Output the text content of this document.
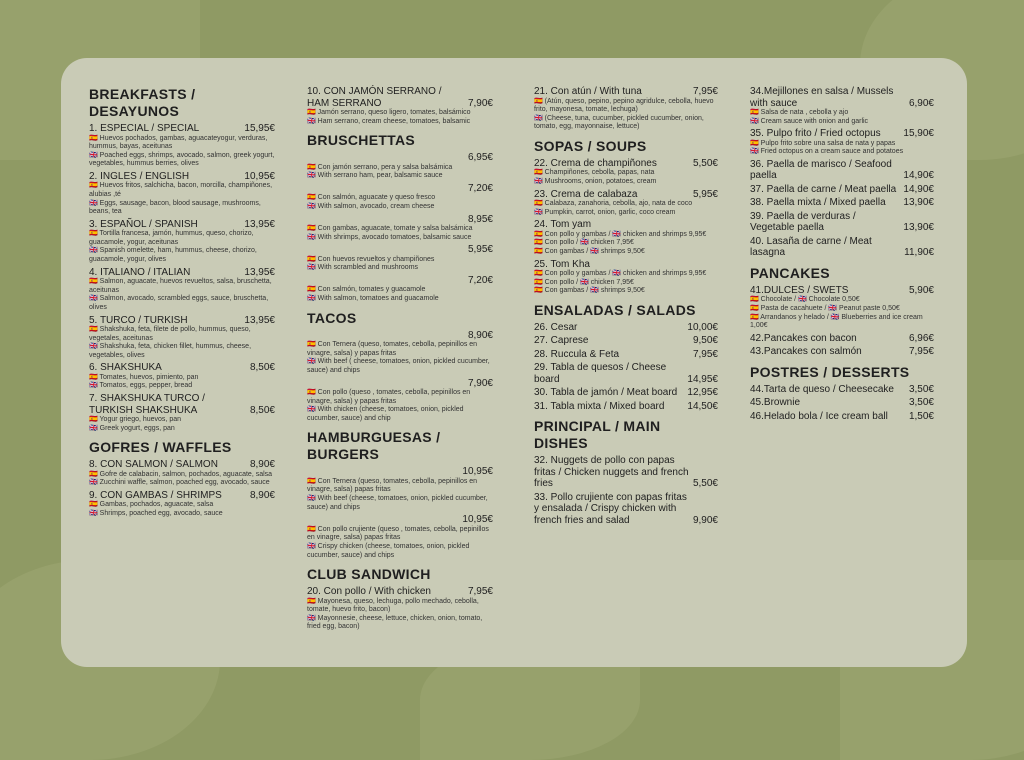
BREAKFASTS / DESAYUNOS
1. ESPECIAL / SPECIAL	15,95€
🇪🇸 Huevos pochados, gambas, aguacateyogur, verduras, hummus, bayas, aceitunas
🇬🇧 Poached eggs, shrimps, avocado, salmon, greek yogurt, vegetables, hummus berries, olives
2. INGLES / ENGLISH	10,95€
🇪🇸 Huevos fritos, salchicha, bacon, morcilla, champiñones, alubias ,té
🇬🇧 Eggs, sausage, bacon, blood sausage, mushrooms, beans, tea
3. ESPAÑOL / SPANISH	13,95€
🇪🇸 Tortilla francesa, jamón, hummus, queso, chorizo, guacamole, yogur, aceitunas
🇬🇧 Spanish omelette, ham, hummus, cheese, chorizo, guacamole, yogur, olives
4. ITALIANO / ITALIAN	13,95€
🇪🇸 Salmon, aguacate, huevos revueltos, salsa, bruschetta, aceitunas
🇬🇧 Salmon, avocado, scrambled eggs, sauce, bruschetta, olives
5. TURCO / TURKISH	13,95€
🇪🇸 Shakshuka, feta, filete de pollo, hummus, queso, vegetales, aceitunas
🇬🇧 Shakshuka, feta, chicken fillet, hummus, cheese, vegetables, olives
6. SHAKSHUKA	8,50€
🇪🇸 Tomates, huevos, pimiento, pan
🇬🇧 Tomatos, eggs, pepper, bread
7. SHAKSHUKA TURCO / TURKISH SHAKSHUKA	8,50€
🇪🇸 Yogur griego, huevos, pan
🇬🇧 Greek yogurt, eggs, pan
GOFRES / WAFFLES
8. CON SALMON / SALMON	8,90€
🇪🇸 Gofre de calabacin, salmon, pochados, aguacate, salsa
🇬🇧 Zucchini waffle, salmon, poached egg, avocado, sauce
9. CON GAMBAS / SHRIMPS	8,90€
🇪🇸 Gambas, pochados, aguacate, salsa
🇬🇧 Shrimps, poached egg, avocado, sauce
10. CON JAMÓN SERRANO / HAM SERRANO	7,90€
🇪🇸 Jamón serrano, queso ligero, tomates, balsámico
🇬🇧 Ham serrano, cream cheese, tomatoes, balsamic
BRUSCHETTAS
6,95€
🇪🇸 Con jamón serrano, pera y salsa balsámica
🇬🇧 With serrano ham, pear, balsamic sauce
7,20€
🇪🇸 Con salmón, aguacate y queso fresco
🇬🇧 With salmon, avocado, cream cheese
8,95€
🇪🇸 Con gambas, aguacate, tomate y salsa balsámica
🇬🇧 With shrimps, avocado tomatoes, balsamic sauce
5,95€
🇪🇸 Con huevos revueltos y champiñones
🇬🇧 With scrambled and mushrooms
7,20€
🇪🇸 Con salmón, tomates y guacamole
🇬🇧 With salmon, tomatoes and guacamole
TACOS
8,90€
🇪🇸 Con Ternera (queso, tomates, cebolla, pepinillos en vinagre, salsa) y papas fritas
🇬🇧 With beef ( cheese, tomatoes, onion, pickled cucumber, sauce) and chips
7,90€
🇪🇸 Con pollo (queso , tomates, cebolla, pepinillos en vinagre, salsa) y papas fritas
🇬🇧 With chicken (cheese, tomatoes, onion, pickled cucumber, sauce) and chip
HAMBURGUESAS / BURGERS
10,95€
🇪🇸 Con Ternera (queso, tomates, cebolla, pepinillos en vinagre, salsa) papas fritas
🇬🇧 With beef (cheese, tomatoes, onion, pickled cucumber, sauce) and chips
10,95€
🇪🇸 Con pollo crujiente (queso , tomates, cebolla, pepinillos en vinagre, salsa) papas fritas
🇬🇧 Crispy chicken (cheese, tomatoes, onion, pickled cucumber, sauce) and chips
CLUB SANDWICH
20. Con pollo / With chicken	7,95€
🇪🇸 Mayonesa, queso, lechuga, pollo mechado, cebolla, tomate, huevo frito, bacon)
🇬🇧 Mayonnesie, cheese, lettuce, chicken, onion, tomato, fried egg, bacon)
21. Con atún / With tuna	7,95€
🇪🇸 (Atún, queso, pepino, pepino agridulce, cebolla, huevo frito, mayonesa, tomate, lechuga)
🇬🇧 (Cheese, tuna, cucumber, pickled cucumber, onion, tomato, egg, mayonnaise, lettuce)
SOPAS / SOUPS
22. Crema de champiñones	5,50€
🇪🇸 Champiñones, cebolla, papas, nata
🇬🇧 Mushrooms, onion, potatoes, cream
23. Crema de calabaza	5,95€
🇪🇸 Calabaza, zanahoria, cebolla, ajo, nata de coco
🇬🇧 Pumpkin, carrot, onion, garlic, coco cream
24. Tom yam
🇪🇸 Con pollo y gambas / 🇬🇧 chicken and shrimps 9,95€
🇪🇸 Con pollo / 🇬🇧 chicken 7,95€
🇪🇸 Con gambas / 🇬🇧 shrimps 9,50€
25. Tom Kha
🇪🇸 Con pollo y gambas / 🇬🇧 chicken and shrimps 9,95€
🇪🇸 Con pollo / 🇬🇧 chicken 7,95€
🇪🇸 Con gambas / 🇬🇧 shrimps 9,50€
ENSALADAS / SALADS
26. Cesar	10,00€
27. Caprese	9,50€
28. Ruccula & Feta	7,95€
29. Tabla de quesos / Cheese board	14,95€
30. Tabla de jamón / Meat board	12,95€
31. Tabla mixta / Mixed board	14,50€
PRINCIPAL / MAIN DISHES
32. Nuggets de pollo con papas fritas / Chicken nuggets and french fries	5,50€
33. Pollo crujiente con papas fritas y ensalada / Crispy chicken with french fries and salad	9,90€
34.Mejillones en salsa / Mussels with sauce	6,90€
🇪🇸 Salsa de nata , cebolla y ajo
🇬🇧 Cream sauce with onion and garlic
35. Pulpo frito / Fried octopus	15,90€
🇪🇸 Pulpo frito sobre una salsa de nata y papas
🇬🇧 Fried octopus on a cream sauce and potatoes
36. Paella de marisco / Seafood paella	14,90€
37. Paella de carne / Meat paella 14,90€
38. Paella mixta / Mixed paella	13,90€
39. Paella de verduras / Vegetable paella	13,90€
40. Lasaña de carne / Meat lasagna	11,90€
PANCAKES
41.DULCES / SWETS	5,90€
🇪🇸 Chocolate / 🇬🇧 Chocolate 0,50€
🇪🇸 Pasta de cacahuete / 🇬🇧 Peanut paste 0,50€
🇪🇸 Arrandanos y helado / 🇬🇧 Blueberries and ice cream 1,00€
42.Pancakes con bacon	6,96€
43.Pancakes con salmón	7,95€
POSTRES / DESSERTS
44.Tarta de queso / Cheesecake	3,50€
45.Brownie	3,50€
46.Helado bola / Ice cream ball	1,50€
